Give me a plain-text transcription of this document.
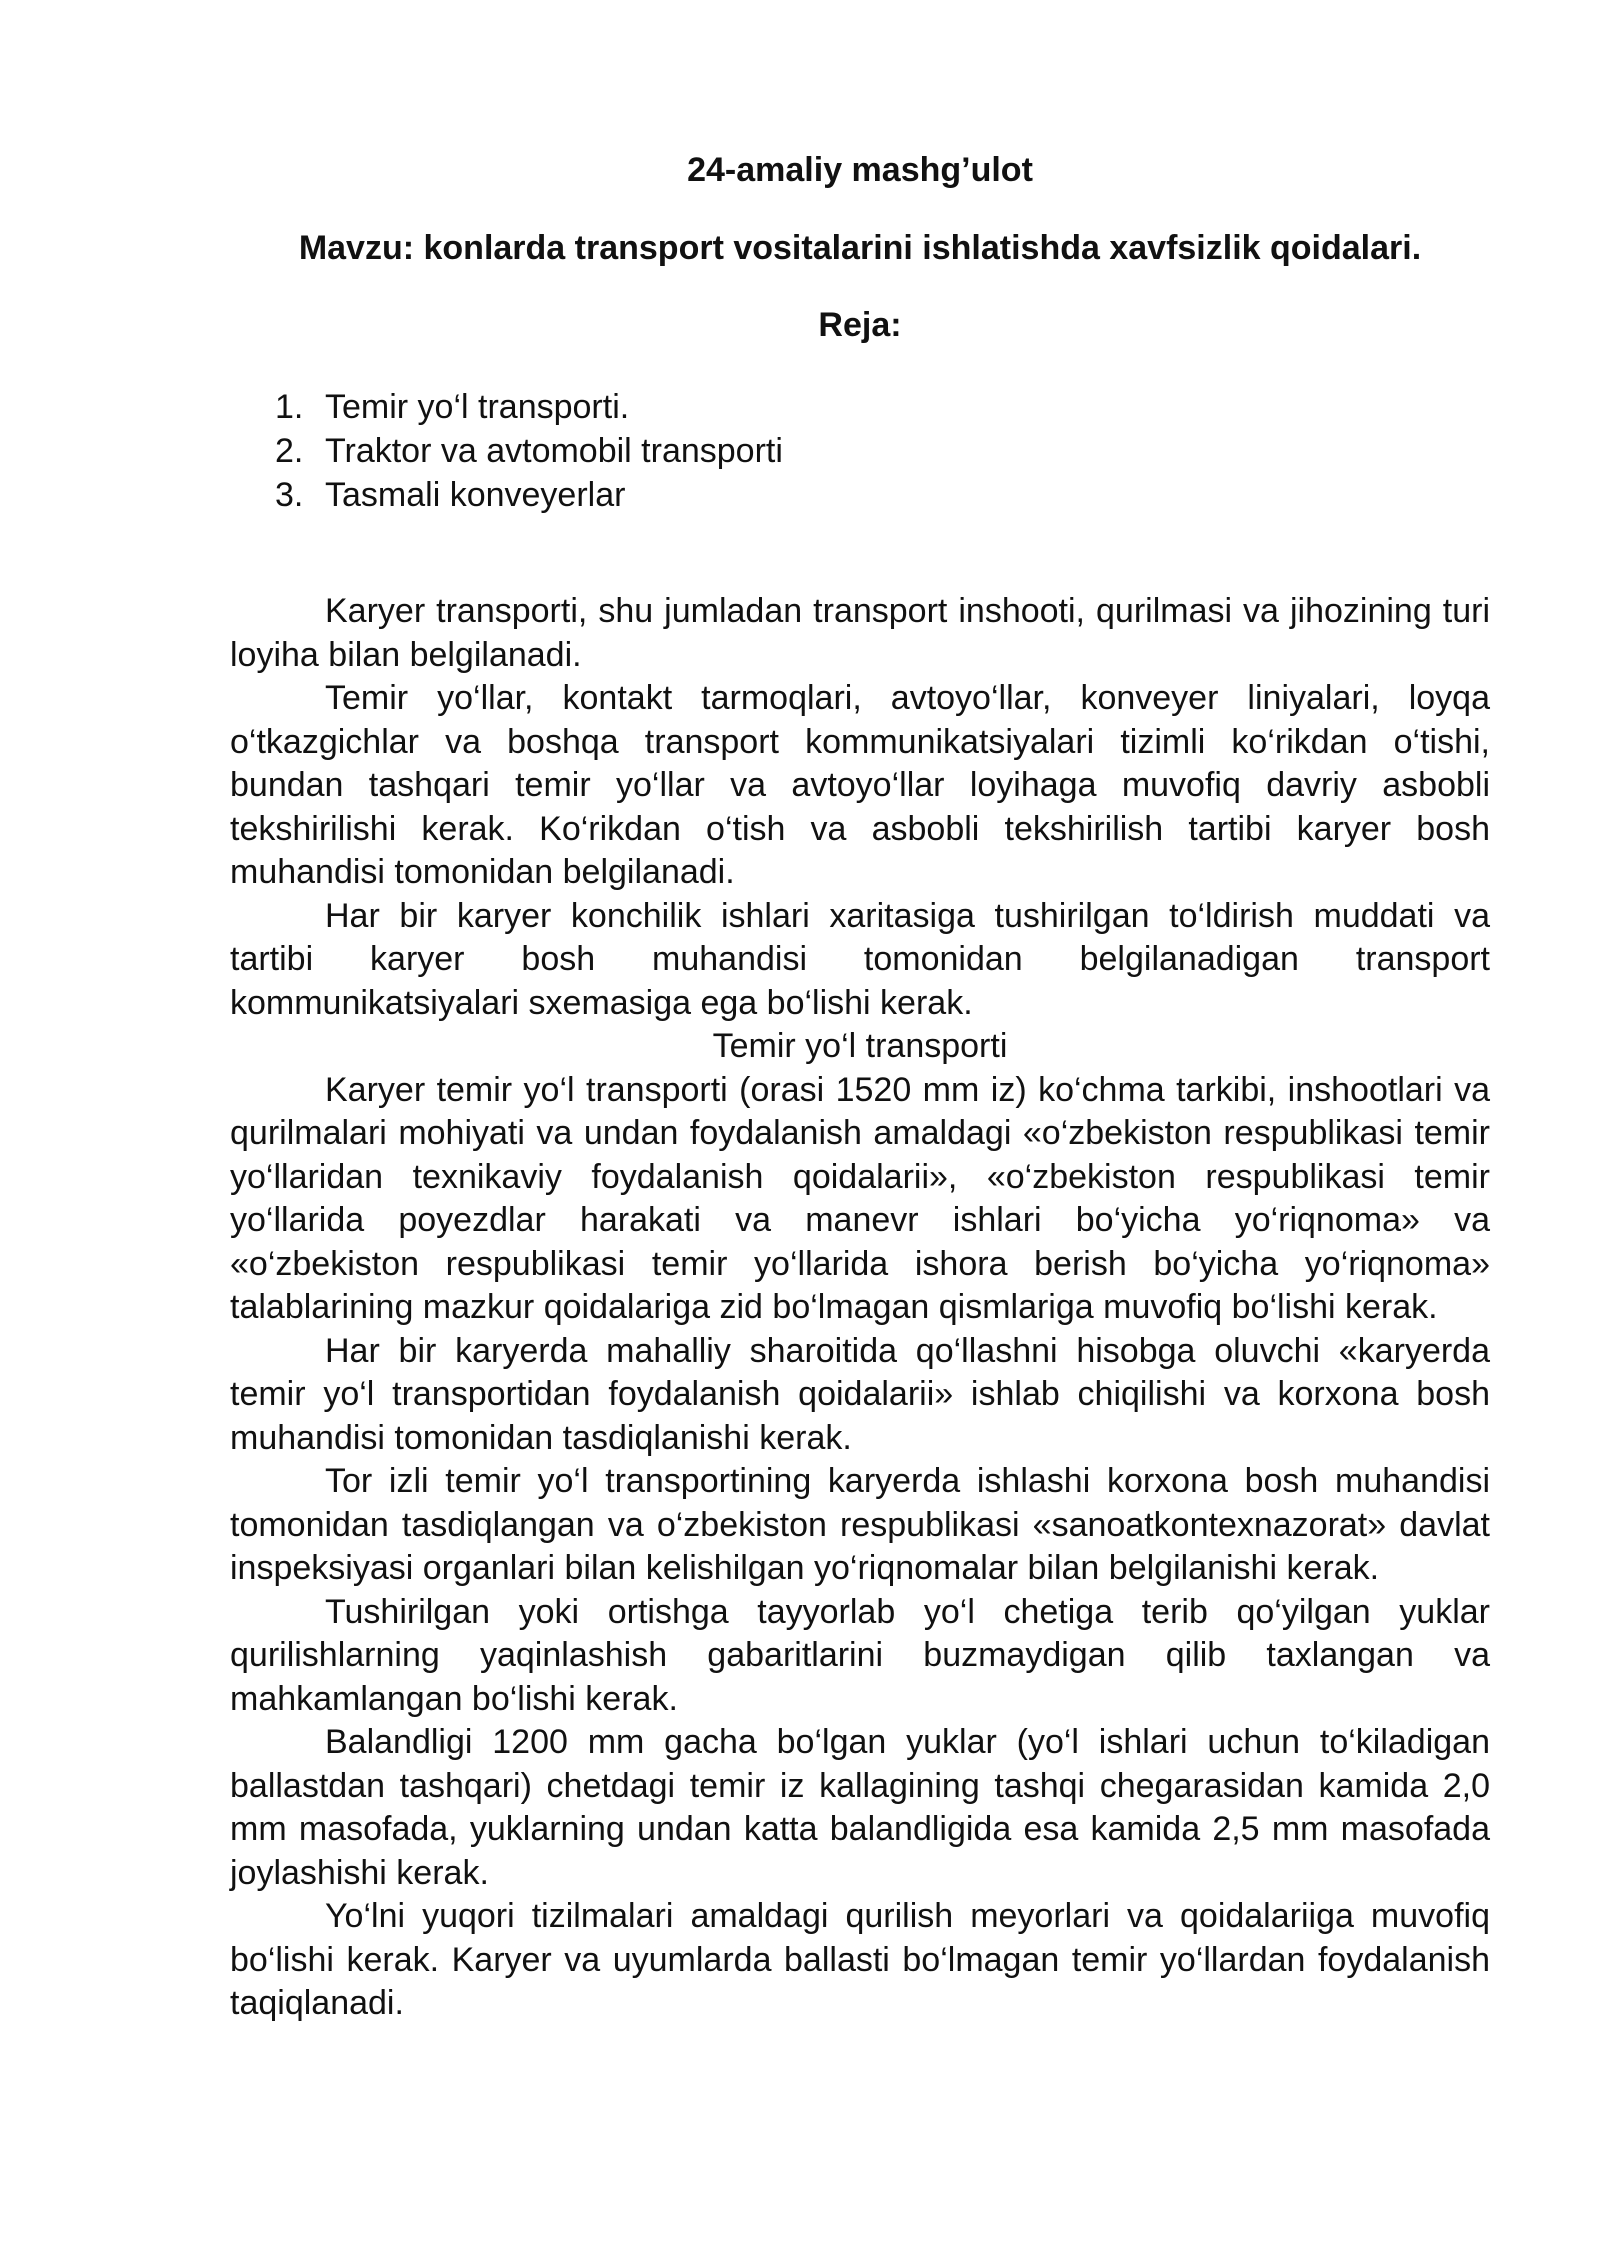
24-amaliy mashg’ulot
Mavzu: konlarda transport vositalarini ishlatishda xavfsizlik qoidalari.
Reja:
1. Temir yo‘l transporti.
2. Traktor va avtomobil transporti
3. Tasmali konveyerlar

Karyer transporti, shu jumladan transport inshooti, qurilmasi va jihozining turi loyiha bilan belgilanadi.

Temir yo‘llar, kontakt tarmoqlari, avtoyo‘llar, konveyer liniyalari, loyqa o‘tkazgichlar va boshqa transport kommunikatsiyalari tizimli ko‘rikdan o‘tishi, bundan tashqari temir yo‘llar va avtoyo‘llar loyihaga muvofiq davriy asbobli tekshirilishi kerak. Ko‘rikdan o‘tish va asbobli tekshirilish tartibi karyer bosh muhandisi tomonidan belgilanadi.

Har bir karyer konchilik ishlari xaritasiga tushirilgan to‘ldirish muddati va tartibi karyer bosh muhandisi tomonidan belgilanadigan transport kommunikatsiyalari sxemasiga ega bo‘lishi kerak.

Temir yo‘l transporti

Karyer temir yo‘l transporti (orasi 1520 mm iz) ko‘chma tarkibi, inshootlari va qurilmalari mohiyati va undan foydalanish amaldagi «o‘zbekiston respublikasi temir yo‘llaridan texnikaviy foydalanish qoidalarii», «o‘zbekiston respublikasi temir yo‘llarida poyezdlar harakati va manevr ishlari bo‘yicha yo‘riqnoma» va «o‘zbekiston respublikasi temir yo‘llarida ishora berish bo‘yicha yo‘riqnoma» talablarining mazkur qoidalariga zid bo‘lmagan qismlariga muvofiq bo‘lishi kerak.

Har bir karyerda mahalliy sharoitida qo‘llashni hisobga oluvchi «karyerda temir yo‘l transportidan foydalanish qoidalarii» ishlab chiqilishi va korxona bosh muhandisi tomonidan tasdiqlanishi kerak.

Tor izli temir yo‘l transportining karyerda ishlashi korxona bosh muhandisi tomonidan tasdiqlangan va o‘zbekiston respublikasi «sanoatkontexnazorat» davlat inspeksiyasi organlari bilan kelishilgan yo‘riqnomalar bilan belgilanishi kerak.

Tushirilgan yoki ortishga tayyorlab yo‘l chetiga terib qo‘yilgan yuklar qurilishlarning yaqinlashish gabaritlarini buzmaydigan qilib taxlangan va mahkamlangan bo‘lishi kerak.

Balandligi 1200 mm gacha bo‘lgan yuklar (yo‘l ishlari uchun to‘kiladigan ballastdan tashqari) chetdagi temir iz kallagining tashqi chegarasidan kamida 2,0 mm masofada, yuklarning undan katta balandligida esa kamida 2,5 mm masofada joylashishi kerak.

Yo‘lni yuqori tizilmalari amaldagi qurilish meyorlari va qoidalariiga muvofiq bo‘lishi kerak. Karyer va uyumlarda ballasti bo‘lmagan temir yo‘llardan foydalanish taqiqlanadi.
